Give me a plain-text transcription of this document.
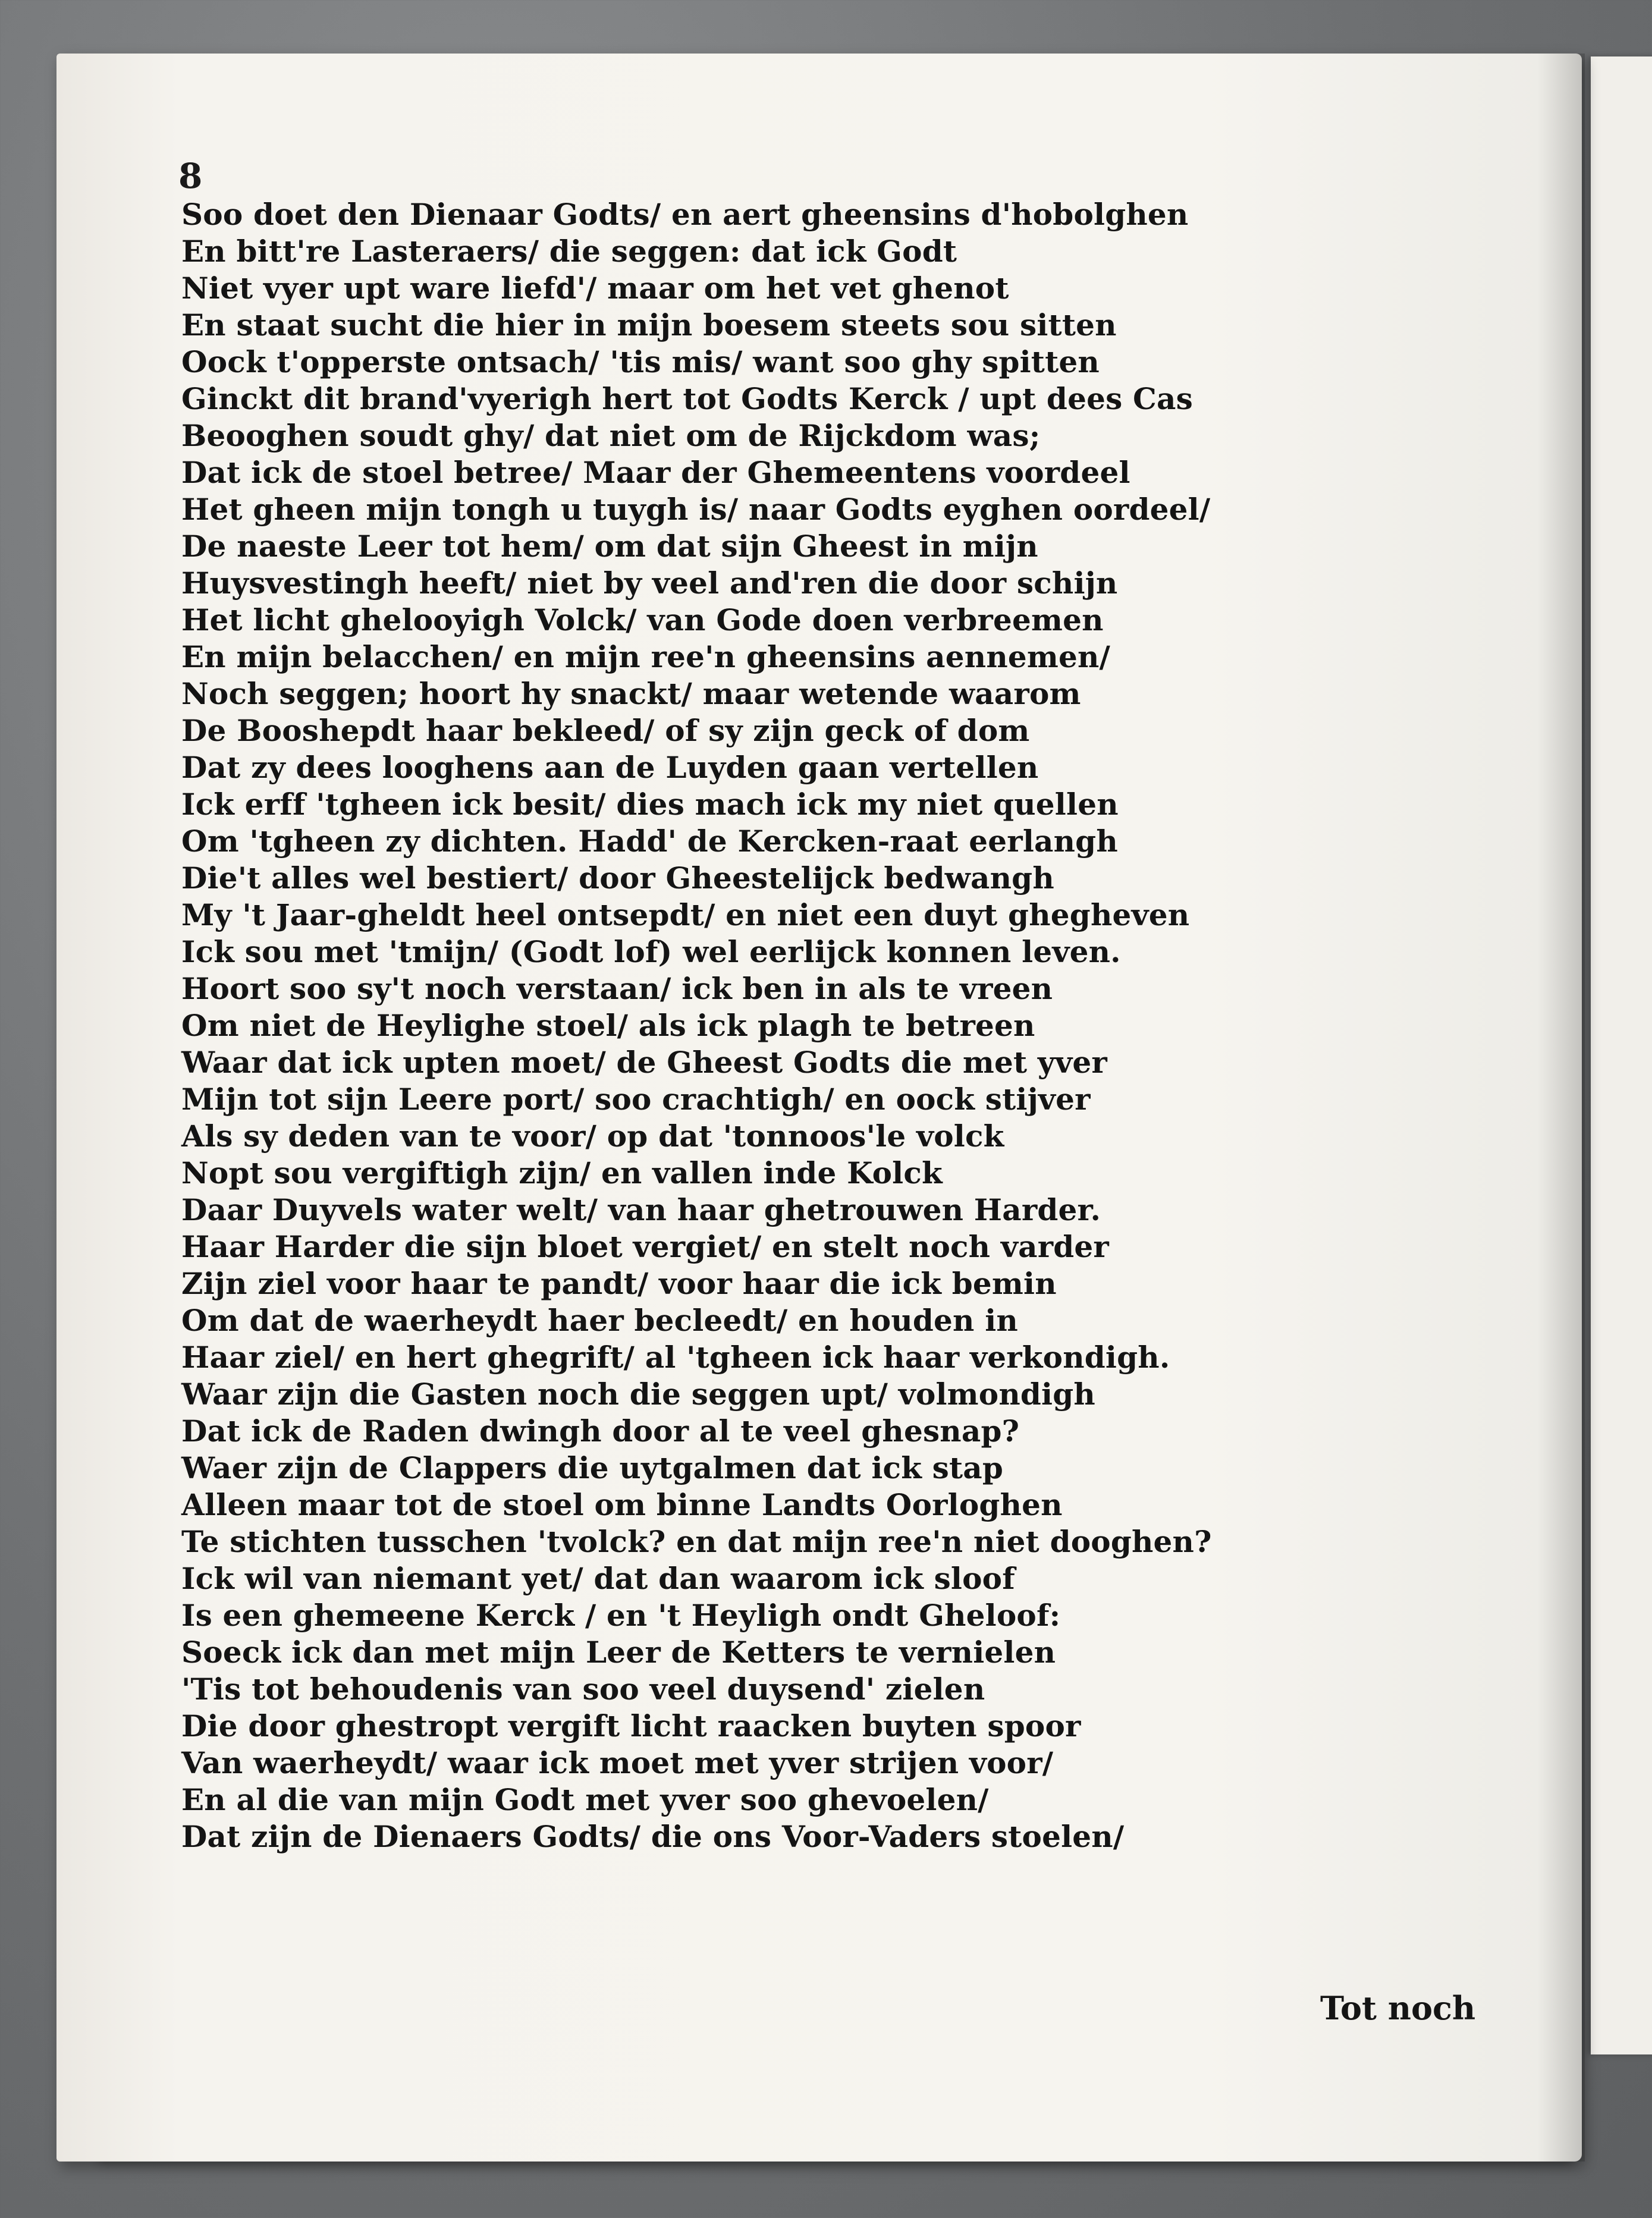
8
Soo doet den Dienaar Godts/ en aert gheensins d'hobolghen
En bitt're Lasteraers/ die seggen: dat ick Godt
Niet vyer upt ware liefd'/ maar om het vet ghenot
En staat sucht die hier in mijn boesem steets sou sitten
Oock t'opperste ontsach/ 'tis mis/ want soo ghy spitten
Ginckt dit brand'vyerigh hert tot Godts Kerck / upt dees Cas
Beooghen soudt ghy/ dat niet om de Rijckdom was;
Dat ick de stoel betree/ Maar der Ghemeentens voordeel
Het gheen mijn tongh u tuygh is/ naar Godts eyghen oordeel/
De naeste Leer tot hem/ om dat sijn Gheest in mijn
Huysvestingh heeft/ niet by veel and'ren die door schijn
Het licht ghelooyigh Volck/ van Gode doen verbreemen
En mijn belacchen/ en mijn ree'n gheensins aennemen/
Noch seggen; hoort hy snackt/ maar wetende waarom
De Booshepdt haar bekleed/ of sy zijn geck of dom
Dat zy dees looghens aan de Luyden gaan vertellen
Ick erff 'tgheen ick besit/ dies mach ick my niet quellen
Om 'tgheen zy dichten. Hadd' de Kercken-raat eerlangh
Die't alles wel bestiert/ door Gheestelijck bedwangh
My 't Jaar-gheldt heel ontsepdt/ en niet een duyt ghegheven
Ick sou met 'tmijn/ (Godt lof) wel eerlijck konnen leven.
Hoort soo sy't noch verstaan/ ick ben in als te vreen
Om niet de Heylighe stoel/ als ick plagh te betreen
Waar dat ick upten moet/ de Gheest Godts die met yver
Mijn tot sijn Leere port/ soo crachtigh/ en oock stijver
Als sy deden van te voor/ op dat 'tonnoos'le volck
Nopt sou vergiftigh zijn/ en vallen inde Kolck
Daar Duyvels water welt/ van haar ghetrouwen Harder.
Haar Harder die sijn bloet vergiet/ en stelt noch varder
Zijn ziel voor haar te pandt/ voor haar die ick bemin
Om dat de waerheydt haer becleedt/ en houden in
Haar ziel/ en hert ghegrift/ al 'tgheen ick haar verkondigh.
Waar zijn die Gasten noch die seggen upt/ volmondigh
Dat ick de Raden dwingh door al te veel ghesnap?
Waer zijn de Clappers die uytgalmen dat ick stap
Alleen maar tot de stoel om binne Landts Oorloghen
Te stichten tusschen 'tvolck? en dat mijn ree'n niet dooghen?
Ick wil van niemant yet/ dat dan waarom ick sloof
Is een ghemeene Kerck / en 't Heyligh ondt Gheloof:
Soeck ick dan met mijn Leer de Ketters te vernielen
'Tis tot behoudenis van soo veel duysend' zielen
Die door ghestropt vergift licht raacken buyten spoor
Van waerheydt/ waar ick moet met yver strijen voor/
En al die van mijn Godt met yver soo ghevoelen/
Dat zijn de Dienaers Godts/ die ons Voor-Vaders stoelen/
Tot noch
